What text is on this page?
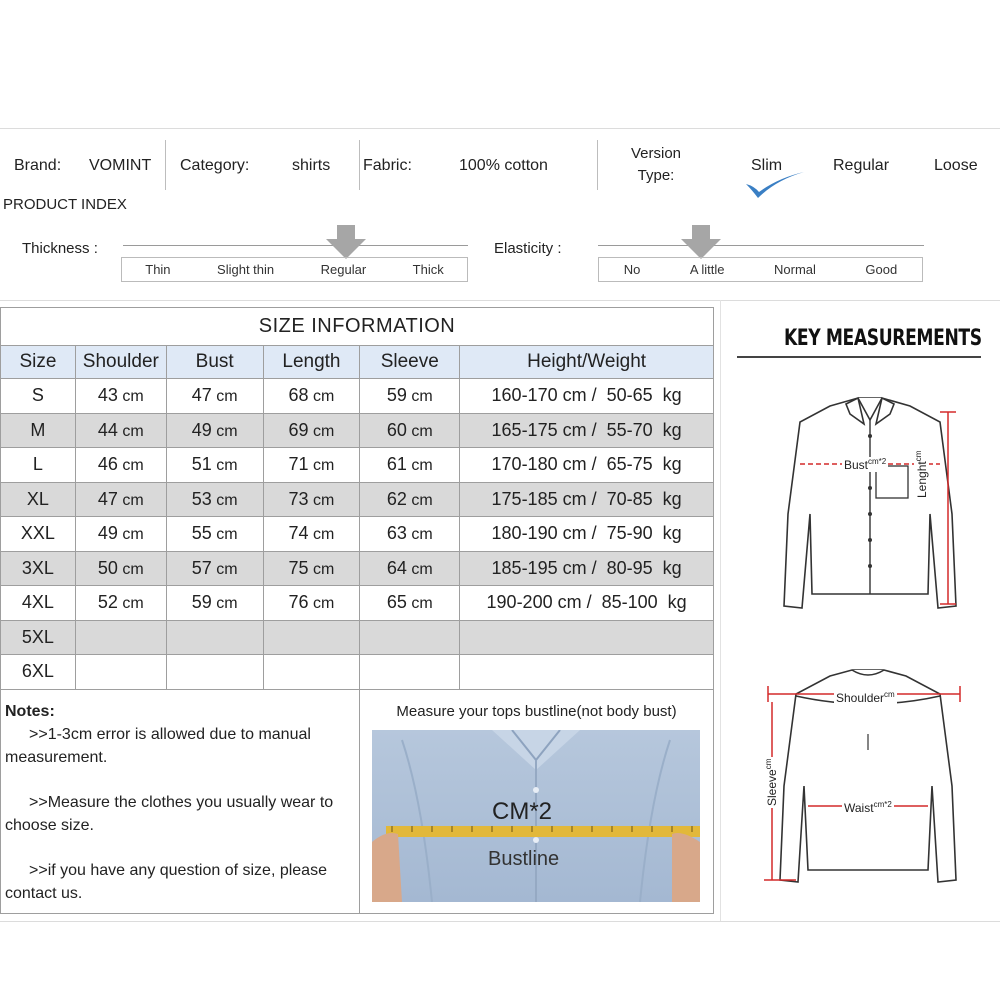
Brand: VOMINT Category:	shirts Fabric:	100% cotton
Version
Type:
Slim	Regular	Loose
PRODUCT INDEX
Thickness :
Thin	Slight thin	Regular	Thick
Elasticity :
No	A little	Normal	Good
SIZE INFORMATION					
Size	Shoulder	Bust	Length	Sleeve	Height/Weight
S	43 cm	47 cm	68 cm	59 cm	160-170 cm /  50-65  kg
M	44 cm	49 cm	69 cm	60 cm	165-175 cm /  55-70  kg
L	46 cm	51 cm	71 cm	61 cm	170-180 cm /  65-75  kg
XL	47 cm	53 cm	73 cm	62 cm	175-185 cm /  70-85  kg
XXL	49 cm	55 cm	74 cm	63 cm	180-190 cm /  75-90  kg
3XL	50 cm	57 cm	75 cm	64 cm	185-195 cm /  80-95  kg
4XL	52 cm	59 cm	76 cm	65 cm	190-200 cm /  85-100  kg
5XL					
6XL					
Notes:

>>1-3cm error is allowed due to manual measurement.

>>Measure the clothes you usually wear to choose size.

>>if you have any question of size, please contact us.

Measure your tops bustline(not body bust)
CM*2
Bustline
KEY MEASUREMENTS
Bust$^{cm*2}$ Lenght$^{cm}$
Shoulder$^{cm}$
Sleeve$^{cm}$
Waist$^{cm*2}$
